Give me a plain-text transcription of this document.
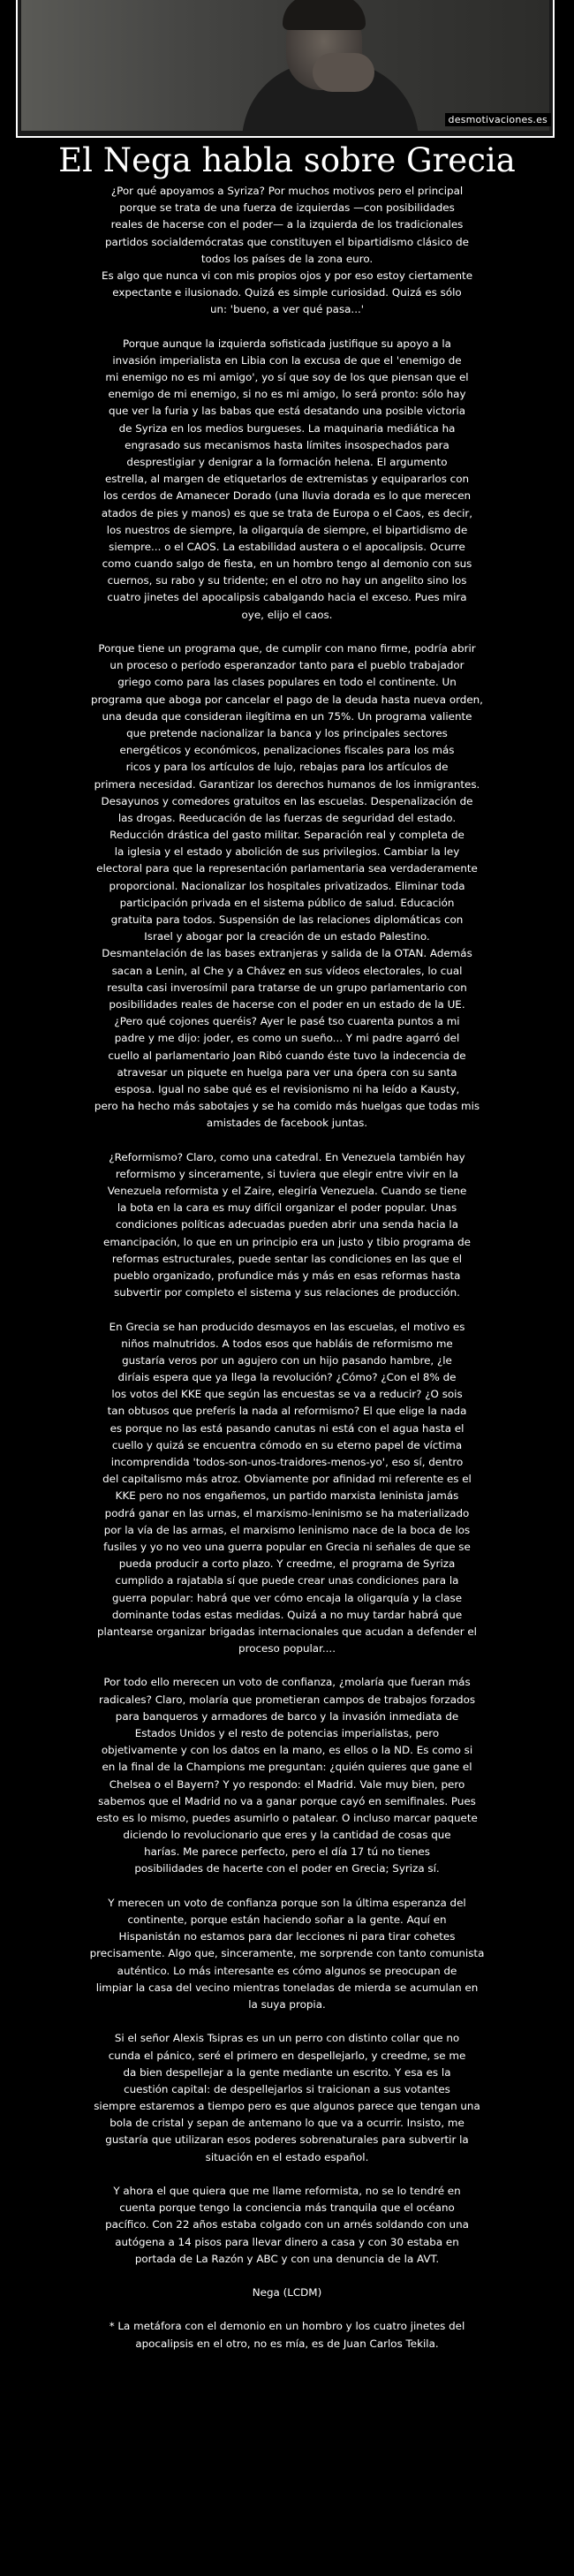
desmotivaciones.es
El Nega habla sobre Grecia

¿Por qué apoyamos a Syriza? Por muchos motivos pero el principal
porque se trata de una fuerza de izquierdas —con posibilidades
reales de hacerse con el poder— a la izquierda de los tradicionales
partidos socialdemócratas que constituyen el bipartidismo clásico de
todos los países de la zona euro.
Es algo que nunca vi con mis propios ojos y por eso estoy ciertamente
expectante e ilusionado. Quizá es simple curiosidad. Quizá es sólo
un: 'bueno, a ver qué pasa...'

Porque aunque la izquierda sofisticada justifique su apoyo a la
invasión imperialista en Libia con la excusa de que el 'enemigo de
mi enemigo no es mi amigo', yo sí que soy de los que piensan que el
enemigo de mi enemigo, si no es mi amigo, lo será pronto: sólo hay
que ver la furia y las babas que está desatando una posible victoria
de Syriza en los medios burgueses. La maquinaria mediática ha
engrasado sus mecanismos hasta límites insospechados para
desprestigiar y denigrar a la formación helena. El argumento
estrella, al margen de etiquetarlos de extremistas y equipararlos con
los cerdos de Amanecer Dorado (una lluvia dorada es lo que merecen
atados de pies y manos) es que se trata de Europa o el Caos, es decir,
los nuestros de siempre, la oligarquía de siempre, el bipartidismo de
siempre... o el CAOS. La estabilidad austera o el apocalipsis. Ocurre
como cuando salgo de fiesta, en un hombro tengo al demonio con sus
cuernos, su rabo y su tridente; en el otro no hay un angelito sino los
cuatro jinetes del apocalipsis cabalgando hacia el exceso. Pues mira
oye, elijo el caos.

Porque tiene un programa que, de cumplir con mano firme, podría abrir
un proceso o período esperanzador tanto para el pueblo trabajador
griego como para las clases populares en todo el continente. Un
programa que aboga por cancelar el pago de la deuda hasta nueva orden,
una deuda que consideran ilegítima en un 75%. Un programa valiente
que pretende nacionalizar la banca y los principales sectores
energéticos y económicos, penalizaciones fiscales para los más
ricos y para los artículos de lujo, rebajas para los artículos de
primera necesidad. Garantizar los derechos humanos de los inmigrantes.
Desayunos y comedores gratuitos en las escuelas. Despenalización de
las drogas. Reeducación de las fuerzas de seguridad del estado.
Reducción drástica del gasto militar. Separación real y completa de
la iglesia y el estado y abolición de sus privilegios. Cambiar la ley
electoral para que la representación parlamentaria sea verdaderamente
proporcional. Nacionalizar los hospitales privatizados. Eliminar toda
participación privada en el sistema público de salud. Educación
gratuita para todos. Suspensión de las relaciones diplomáticas con
Israel y abogar por la creación de un estado Palestino.
Desmantelación de las bases extranjeras y salida de la OTAN. Además
sacan a Lenin, al Che y a Chávez en sus vídeos electorales, lo cual
resulta casi inverosímil para tratarse de un grupo parlamentario con
posibilidades reales de hacerse con el poder en un estado de la UE.
¿Pero qué cojones queréis? Ayer le pasé tso cuarenta puntos a mi
padre y me dijo: joder, es como un sueño... Y mi padre agarró del
cuello al parlamentario Joan Ribó cuando éste tuvo la indecencia de
atravesar un piquete en huelga para ver una ópera con su santa
esposa. Igual no sabe qué es el revisionismo ni ha leído a Kausty,
pero ha hecho más sabotajes y se ha comido más huelgas que todas mis
amistades de facebook juntas.

¿Reformismo? Claro, como una catedral. En Venezuela también hay
reformismo y sinceramente, si tuviera que elegir entre vivir en la
Venezuela reformista y el Zaire, elegiría Venezuela. Cuando se tiene
la bota en la cara es muy difícil organizar el poder popular. Unas
condiciones políticas adecuadas pueden abrir una senda hacia la
emancipación, lo que en un principio era un justo y tibio programa de
reformas estructurales, puede sentar las condiciones en las que el
pueblo organizado, profundice más y más en esas reformas hasta
subvertir por completo el sistema y sus relaciones de producción.

En Grecia se han producido desmayos en las escuelas, el motivo es
niños malnutridos. A todos esos que habláis de reformismo me
gustaría veros por un agujero con un hijo pasando hambre, ¿le
diríais espera que ya llega la revolución? ¿Cómo? ¿Con el 8% de
los votos del KKE que según las encuestas se va a reducir? ¿O sois
tan obtusos que preferís la nada al reformismo? El que elige la nada
es porque no las está pasando canutas ni está con el agua hasta el
cuello y quizá se encuentra cómodo en su eterno papel de víctima
incomprendida 'todos-son-unos-traidores-menos-yo', eso sí, dentro
del capitalismo más atroz. Obviamente por afinidad mi referente es el
KKE pero no nos engañemos, un partido marxista leninista jamás
podrá ganar en las urnas, el marxismo-leninismo se ha materializado
por la vía de las armas, el marxismo leninismo nace de la boca de los
fusiles y yo no veo una guerra popular en Grecia ni señales de que se
pueda producir a corto plazo. Y creedme, el programa de Syriza
cumplido a rajatabla sí que puede crear unas condiciones para la
guerra popular: habrá que ver cómo encaja la oligarquía y la clase
dominante todas estas medidas. Quizá a no muy tardar habrá que
plantearse organizar brigadas internacionales que acudan a defender el
proceso popular....

Por todo ello merecen un voto de confianza, ¿molaría que fueran más
radicales? Claro, molaría que prometieran campos de trabajos forzados
para banqueros y armadores de barco y la invasión inmediata de
Estados Unidos y el resto de potencias imperialistas, pero
objetivamente y con los datos en la mano, es ellos o la ND. Es como si
en la final de la Champions me preguntan: ¿quién quieres que gane el
Chelsea o el Bayern? Y yo respondo: el Madrid. Vale muy bien, pero
sabemos que el Madrid no va a ganar porque cayó en semifinales. Pues
esto es lo mismo, puedes asumirlo o patalear. O incluso marcar paquete
diciendo lo revolucionario que eres y la cantidad de cosas que
harías. Me parece perfecto, pero el día 17 tú no tienes
posibilidades de hacerte con el poder en Grecia; Syriza sí.

Y merecen un voto de confianza porque son la última esperanza del
continente, porque están haciendo soñar a la gente. Aquí en
Hispanistán no estamos para dar lecciones ni para tirar cohetes
precisamente. Algo que, sinceramente, me sorprende con tanto comunista
auténtico. Lo más interesante es cómo algunos se preocupan de
limpiar la casa del vecino mientras toneladas de mierda se acumulan en
la suya propia.

Si el señor Alexis Tsipras es un un perro con distinto collar que no
cunda el pánico, seré el primero en despellejarlo, y creedme, se me
da bien despellejar a la gente mediante un escrito. Y esa es la
cuestión capital: de despellejarlos si traicionan a sus votantes
siempre estaremos a tiempo pero es que algunos parece que tengan una
bola de cristal y sepan de antemano lo que va a ocurrir. Insisto, me
gustaría que utilizaran esos poderes sobrenaturales para subvertir la
situación en el estado español.

Y ahora el que quiera que me llame reformista, no se lo tendré en
cuenta porque tengo la conciencia más tranquila que el océano
pacífico. Con 22 años estaba colgado con un arnés soldando con una
autógena a 14 pisos para llevar dinero a casa y con 30 estaba en
portada de La Razón y ABC y con una denuncia de la AVT.

Nega (LCDM)

* La metáfora con el demonio en un hombro y los cuatro jinetes del
apocalipsis en el otro, no es mía, es de Juan Carlos Tekila.
